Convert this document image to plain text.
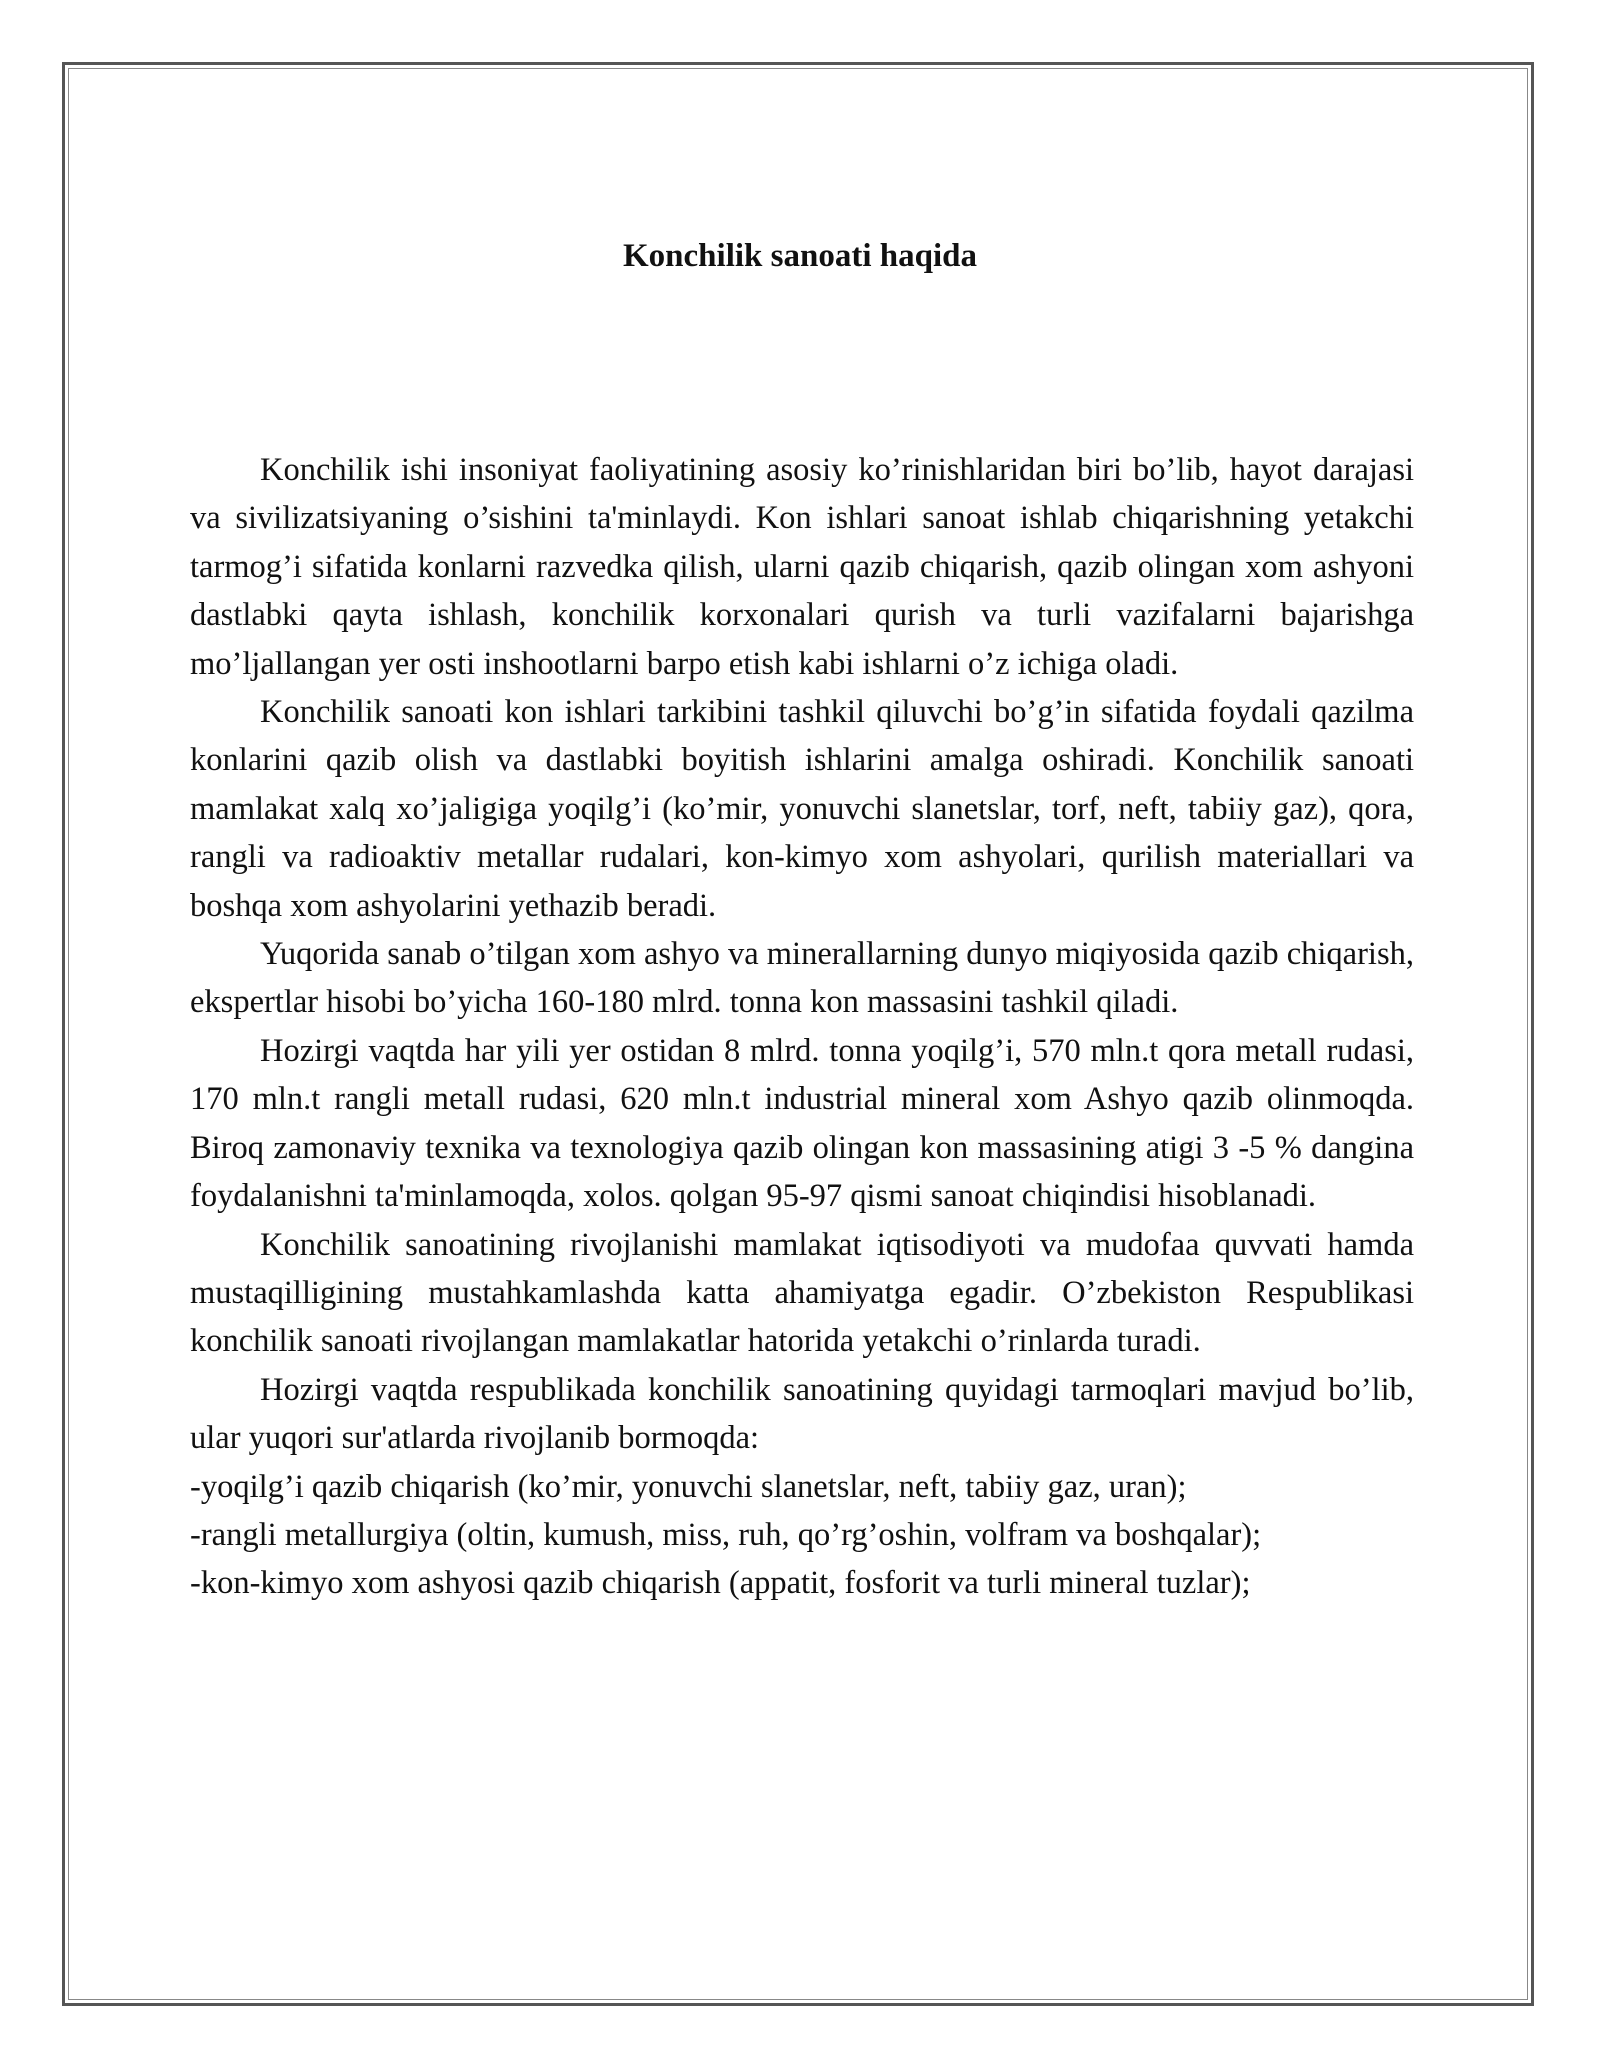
Konchilik sanoati haqida

Konchilik ishi insoniyat faoliyatining asosiy ko’rinishlaridan biri bo’lib, hayot darajasi va sivilizatsiyaning o’sishini ta'minlaydi. Kon ishlari sanoat ishlab chiqarishning yetakchi tarmog’i sifatida konlarni razvedka qilish, ularni qazib chiqarish, qazib olingan xom ashyoni dastlabki qayta ishlash, konchilik korxonalari qurish va turli vazifalarni bajarishga mo’ljallangan yer osti inshootlarni barpo etish kabi ishlarni o’z ichiga oladi.

Konchilik sanoati kon ishlari tarkibini tashkil qiluvchi bo’g’in sifatida foydali qazilma konlarini qazib olish va dastlabki boyitish ishlarini amalga oshiradi. Konchilik sanoati mamlakat xalq xo’jaligiga yoqilg’i (ko’mir, yonuvchi slanetslar, torf, neft, tabiiy gaz), qora, rangli va radioaktiv metallar rudalari, kon-kimyo xom ashyolari, qurilish materiallari va boshqa xom ashyolarini yethazib beradi.

Yuqorida sanab o’tilgan xom ashyo va minerallarning dunyo miqiyosida qazib chiqarish, ekspertlar hisobi bo’yicha 160-180 mlrd. tonna kon massasini tashkil qiladi.

Hozirgi vaqtda har yili yer ostidan 8 mlrd. tonna yoqilg’i, 570 mln.t qora metall rudasi, 170 mln.t rangli metall rudasi, 620 mln.t industrial mineral xom Ashyo qazib olinmoqda. Biroq zamonaviy texnika va texnologiya qazib olingan kon massasining atigi 3 -5 % dangina foydalanishni ta'minlamoqda, xolos. qolgan 95-97 qismi sanoat chiqindisi hisoblanadi.

Konchilik sanoatining rivojlanishi mamlakat iqtisodiyoti va mudofaa quvvati hamda mustaqilligining mustahkamlashda katta ahamiyatga egadir. O’zbekiston Respublikasi konchilik sanoati rivojlangan mamlakatlar hatorida yetakchi o’rinlarda turadi.

Hozirgi vaqtda respublikada konchilik sanoatining quyidagi tarmoqlari mavjud bo’lib, ular yuqori sur'atlarda rivojlanib bormoqda:

-yoqilg’i qazib chiqarish (ko’mir, yonuvchi slanetslar, neft, tabiiy gaz, uran);

-rangli metallurgiya (oltin, kumush, miss, ruh, qo’rg’oshin, volfram va boshqalar);

-kon-kimyo xom ashyosi qazib chiqarish (appatit, fosforit va turli mineral tuzlar);
